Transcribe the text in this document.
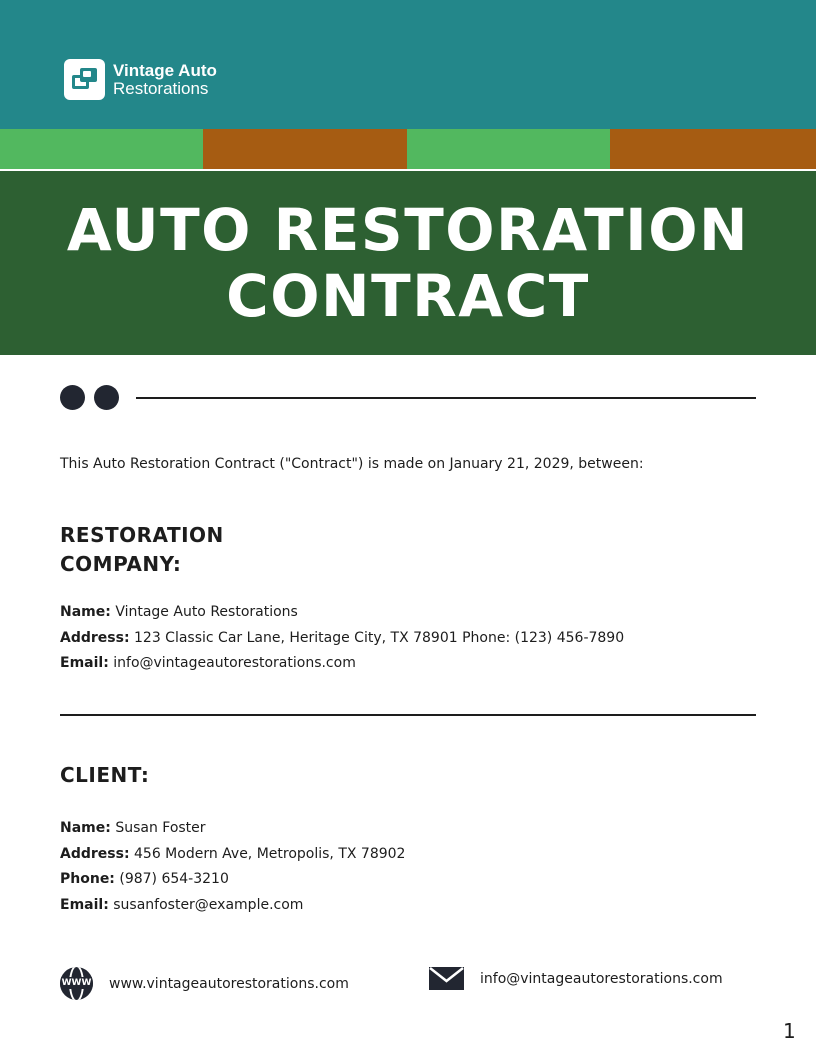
Vintage Auto
Restorations
AUTO RESTORATION CONTRACT

This Auto Restoration Contract ("Contract") is made on January 21, 2029, between:

RESTORATION COMPANY:
Name: Vintage Auto Restorations
Address: 123 Classic Car Lane, Heritage City, TX 78901 Phone: (123) 456-7890
Email: info@vintageautorestorations.com
CLIENT:
Name: Susan Foster
Address: 456 Modern Ave, Metropolis, TX 78902
Phone: (987) 654-3210
Email: susanfoster@example.com
WWW www.vintageautorestorations.com	info@vintageautorestorations.com
1
